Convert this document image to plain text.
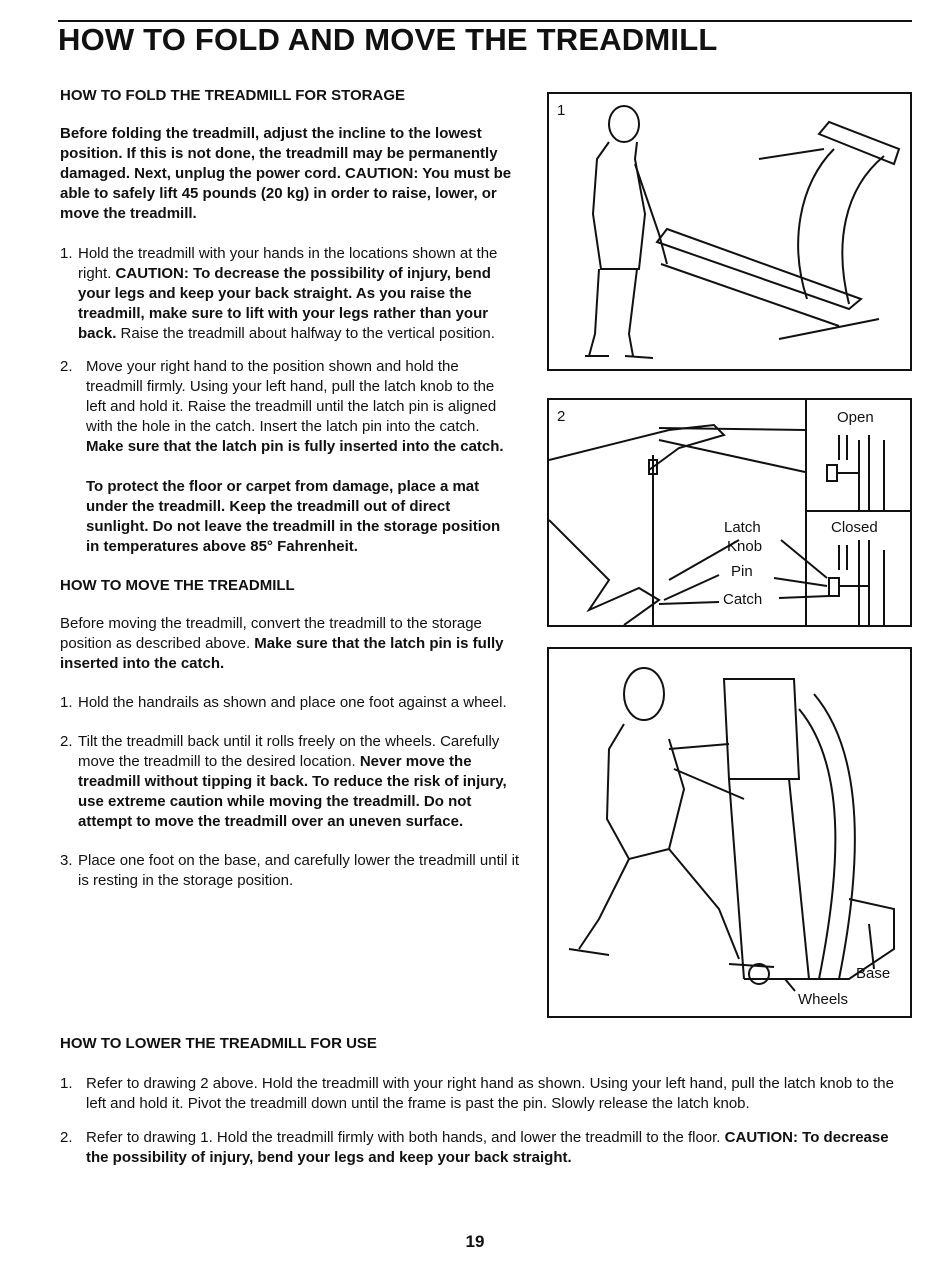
HOW TO FOLD AND MOVE THE TREADMILL
HOW TO FOLD THE TREADMILL FOR STORAGE

Before folding the treadmill, adjust the incline to the lowest position. If this is not done, the treadmill may be permanently damaged. Next, unplug the power cord. CAUTION: You must be able to safely lift 45 pounds (20 kg) in order to raise, lower, or move the treadmill.

1. Hold the treadmill with your hands in the locations shown at the right. CAUTION: To decrease the possibility of injury, bend your legs and keep your back straight. As you raise the treadmill, make sure to lift with your legs rather than your back. Raise the treadmill about halfway to the vertical position.
2. Move your right hand to the position shown and hold the treadmill firmly. Using your left hand, pull the latch knob to the left and hold it. Raise the treadmill until the latch pin is aligned with the hole in the catch. Insert the latch pin into the catch. Make sure that the latch pin is fully inserted into the catch.

To protect the floor or carpet from damage, place a mat under the treadmill. Keep the treadmill out of direct sunlight. Do not leave the treadmill in the storage position in temperatures above 85° Fahrenheit.

HOW TO MOVE THE TREADMILL

Before moving the treadmill, convert the treadmill to the storage position as described above. Make sure that the latch pin is fully inserted into the catch.

1. Hold the handrails as shown and place one foot against a wheel.
2. Tilt the treadmill back until it rolls freely on the wheels. Carefully move the treadmill to the desired location. Never move the treadmill without tipping it back. To reduce the risk of injury, use extreme caution while moving the treadmill. Do not attempt to move the treadmill over an uneven surface.
3. Place one foot on the base, and carefully lower the treadmill until it is resting in the storage position.
1
2	Open
Closed
Latch
Knob
Pin
Catch
Base
Wheels
HOW TO LOWER THE TREADMILL FOR USE
1. Refer to drawing 2 above. Hold the treadmill with your right hand as shown. Using your left hand, pull the latch knob to the left and hold it. Pivot the treadmill down until the frame is past the pin. Slowly release the latch knob.
2. Refer to drawing 1. Hold the treadmill firmly with both hands, and lower the treadmill to the floor. CAUTION: To decrease the possibility of injury, bend your legs and keep your back straight.
19
